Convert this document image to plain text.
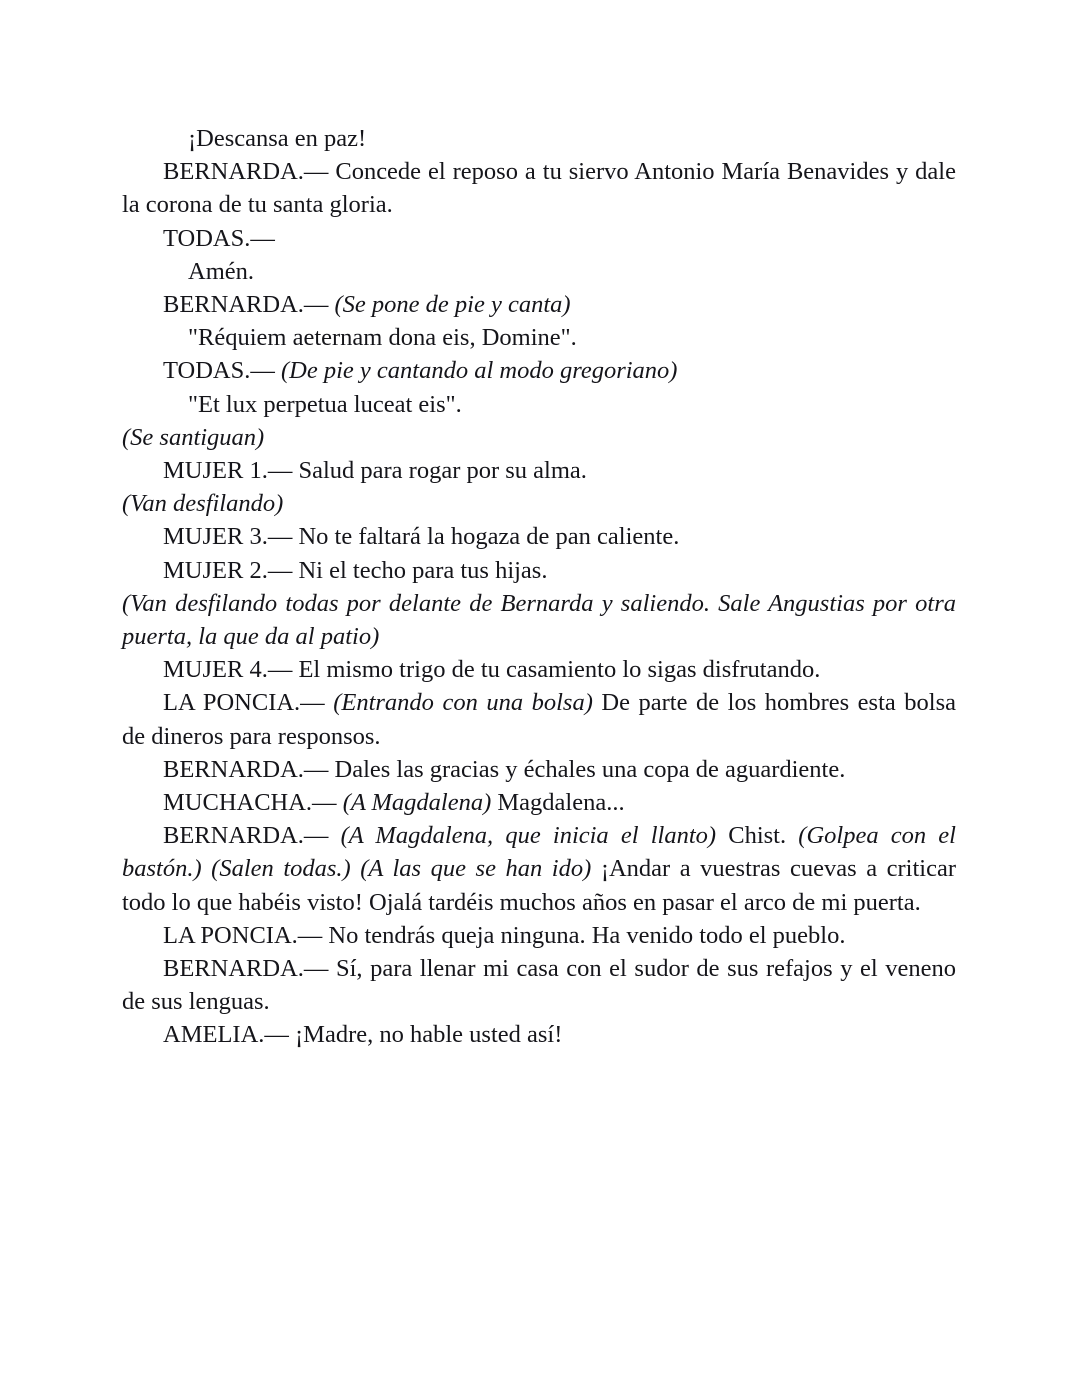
¡Descansa en paz!

BERNARDA.— Concede el reposo a tu siervo Antonio María Benavides y dale la corona de tu santa gloria.

TODAS.—

Amén.

BERNARDA.— (Se pone de pie y canta)

"Réquiem aeternam dona eis, Domine".

TODAS.— (De pie y cantando al modo gregoriano)

"Et lux perpetua luceat eis".

(Se santiguan)

MUJER 1.— Salud para rogar por su alma.

(Van desfilando)

MUJER 3.— No te faltará la hogaza de pan caliente.

MUJER 2.— Ni el techo para tus hijas.

(Van desfilando todas por delante de Bernarda y saliendo. Sale Angustias por otra puerta, la que da al patio)

MUJER 4.— El mismo trigo de tu casamiento lo sigas disfrutando.

LA PONCIA.— (Entrando con una bolsa) De parte de los hombres esta bolsa de dineros para responsos.

BERNARDA.— Dales las gracias y échales una copa de aguardiente.

MUCHACHA.— (A Magdalena) Magdalena...

BERNARDA.— (A Magdalena, que inicia el llanto) Chist. (Golpea con el bastón.) (Salen todas.) (A las que se han ido) ¡Andar a vuestras cuevas a criticar todo lo que habéis visto! Ojalá tardéis muchos años en pasar el arco de mi puerta.

LA PONCIA.— No tendrás queja ninguna. Ha venido todo el pueblo.

BERNARDA.— Sí, para llenar mi casa con el sudor de sus refajos y el veneno de sus lenguas.

AMELIA.— ¡Madre, no hable usted así!
